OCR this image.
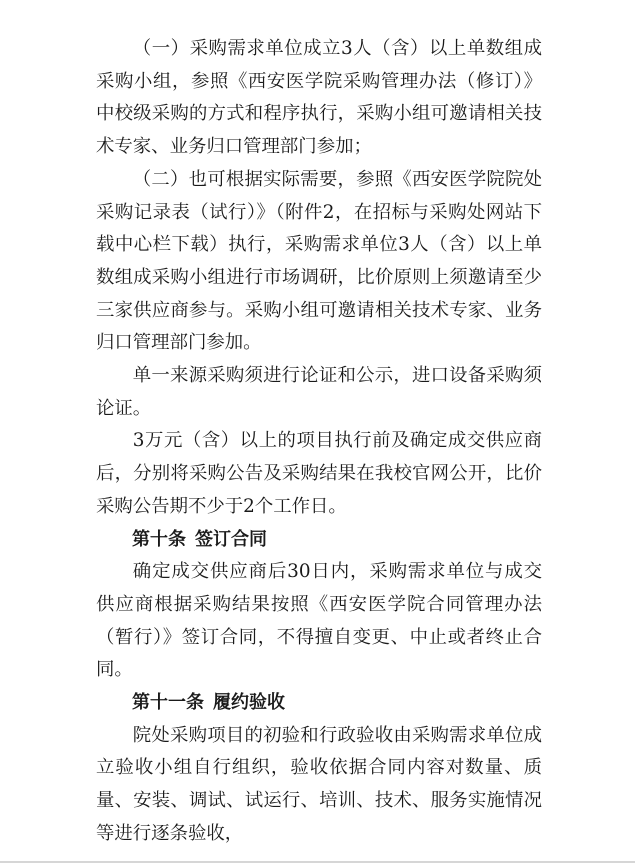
（一）采购需求单位成立3人（含）以上单数组成采购小组，参照《西安医学院采购管理办法（修订）》中校级采购的方式和程序执行，采购小组可邀请相关技术专家、业务归口管理部门参加；

（二）也可根据实际需要，参照《西安医学院院处采购记录表（试行）》（附件2，在招标与采购处网站下载中心栏下载）执行，采购需求单位3人（含）以上单数组成采购小组进行市场调研，比价原则上须邀请至少三家供应商参与。采购小组可邀请相关技术专家、业务归口管理部门参加。

单一来源采购须进行论证和公示，进口设备采购须论证。

3万元（含）以上的项目执行前及确定成交供应商后，分别将采购公告及采购结果在我校官网公开，比价采购公告期不少于2个工作日。

第十条 签订合同

确定成交供应商后30日内，采购需求单位与成交供应商根据采购结果按照《西安医学院合同管理办法（暂行）》签订合同，不得擅自变更、中止或者终止合同。

第十一条 履约验收

院处采购项目的初验和行政验收由采购需求单位成立验收小组自行组织，验收依据合同内容对数量、质量、安装、调试、试运行、培训、技术、服务实施情况等进行逐条验收，
